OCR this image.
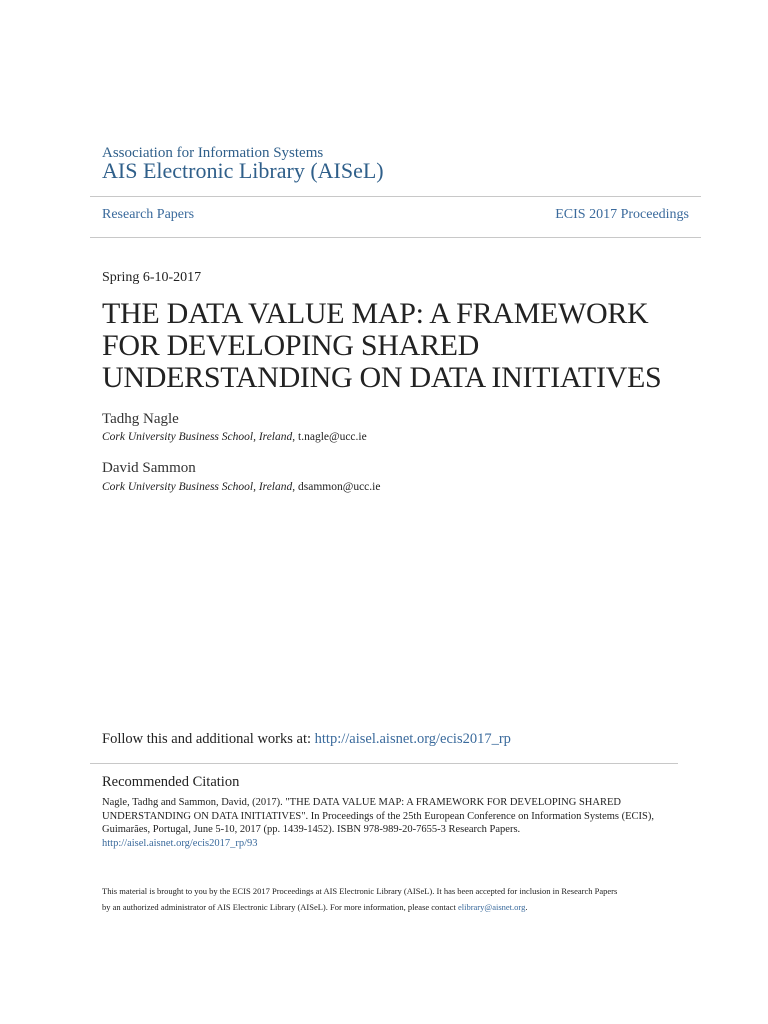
Association for Information Systems
AIS Electronic Library (AISeL)
Research Papers	ECIS 2017 Proceedings
Spring 6-10-2017
THE DATA VALUE MAP: A FRAMEWORK
FOR DEVELOPING SHARED
UNDERSTANDING ON DATA INITIATIVES
Tadhg Nagle
Cork University Business School, Ireland, t.nagle@ucc.ie
David Sammon
Cork University Business School, Ireland, dsammon@ucc.ie
Follow this and additional works at: http://aisel.aisnet.org/ecis2017_rp
Recommended Citation
Nagle, Tadhg and Sammon, David, (2017). "THE DATA VALUE MAP: A FRAMEWORK FOR DEVELOPING SHARED
UNDERSTANDING ON DATA INITIATIVES". In Proceedings of the 25th European Conference on Information Systems (ECIS),
Guimarães, Portugal, June 5-10, 2017 (pp. 1439-1452). ISBN 978-989-20-7655-3 Research Papers.
http://aisel.aisnet.org/ecis2017_rp/93
This material is brought to you by the ECIS 2017 Proceedings at AIS Electronic Library (AISeL). It has been accepted for inclusion in Research Papers
by an authorized administrator of AIS Electronic Library (AISeL). For more information, please contact elibrary@aisnet.org.
